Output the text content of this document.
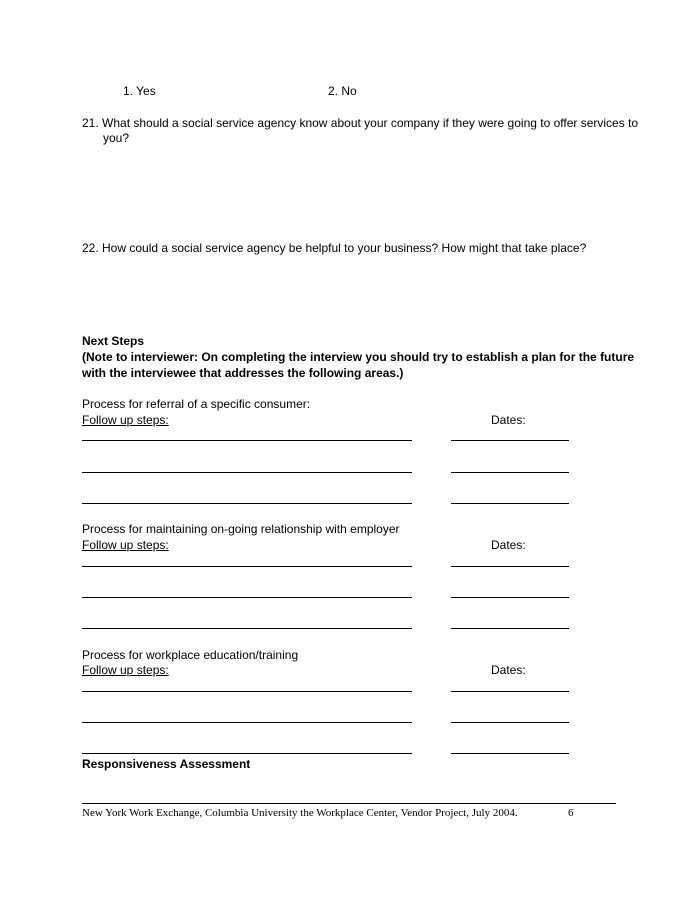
1. Yes	2. No
21. What should a social service agency know about your company if they were going to offer services to
you?
22. How could a social service agency be helpful to your business? How might that take place?
Next Steps
(Note to interviewer: On completing the interview you should try to establish a plan for the future
with the interviewee that addresses the following areas.)
Process for referral of a specific consumer:
Follow up steps:	Dates:
Process for maintaining on-going relationship with employer
Follow up steps:	Dates:
Process for workplace education/training
Follow up steps:	Dates:
Responsiveness Assessment
New York Work Exchange, Columbia University the Workplace Center, Vendor Project, July 2004.	6
